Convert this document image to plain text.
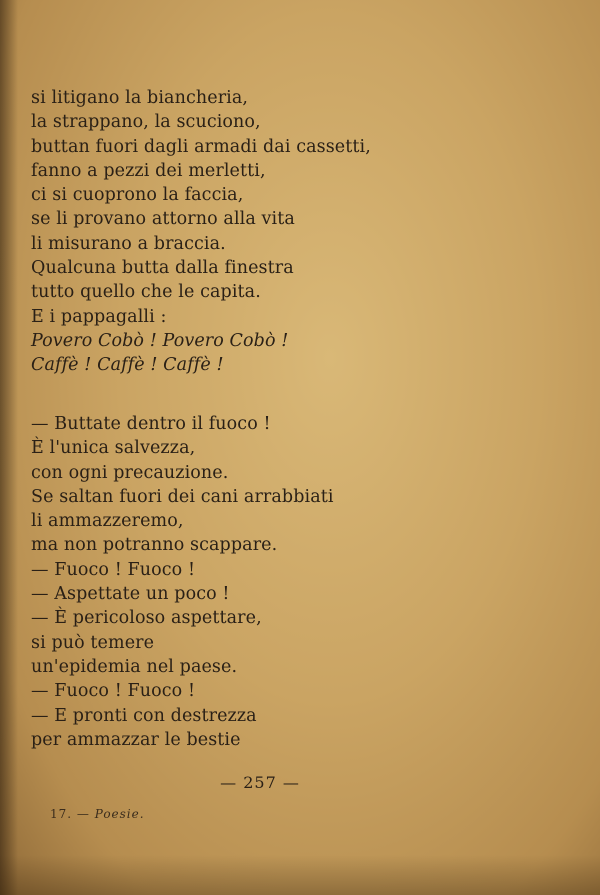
si litigano la biancheria,
la strappano, la scuciono,
buttan fuori dagli armadi dai cassetti,
fanno a pezzi dei merletti,
ci si cuoprono la faccia,
se li provano attorno alla vita
li misurano a braccia.
Qualcuna butta dalla finestra
tutto quello che le capita.
E i pappagalli :
Povero Cobò ! Povero Cobò !
Caffè ! Caffè ! Caffè !
— Buttate dentro il fuoco !
È l'unica salvezza,
con ogni precauzione.
Se saltan fuori dei cani arrabbiati
li ammazzeremo,
ma non potranno scappare.
— Fuoco ! Fuoco !
— Aspettate un poco !
— È pericoloso aspettare,
si può temere
un'epidemia nel paese.
— Fuoco ! Fuoco !
— E pronti con destrezza
per ammazzar le bestie
— 257 —
17. — Poesie.
